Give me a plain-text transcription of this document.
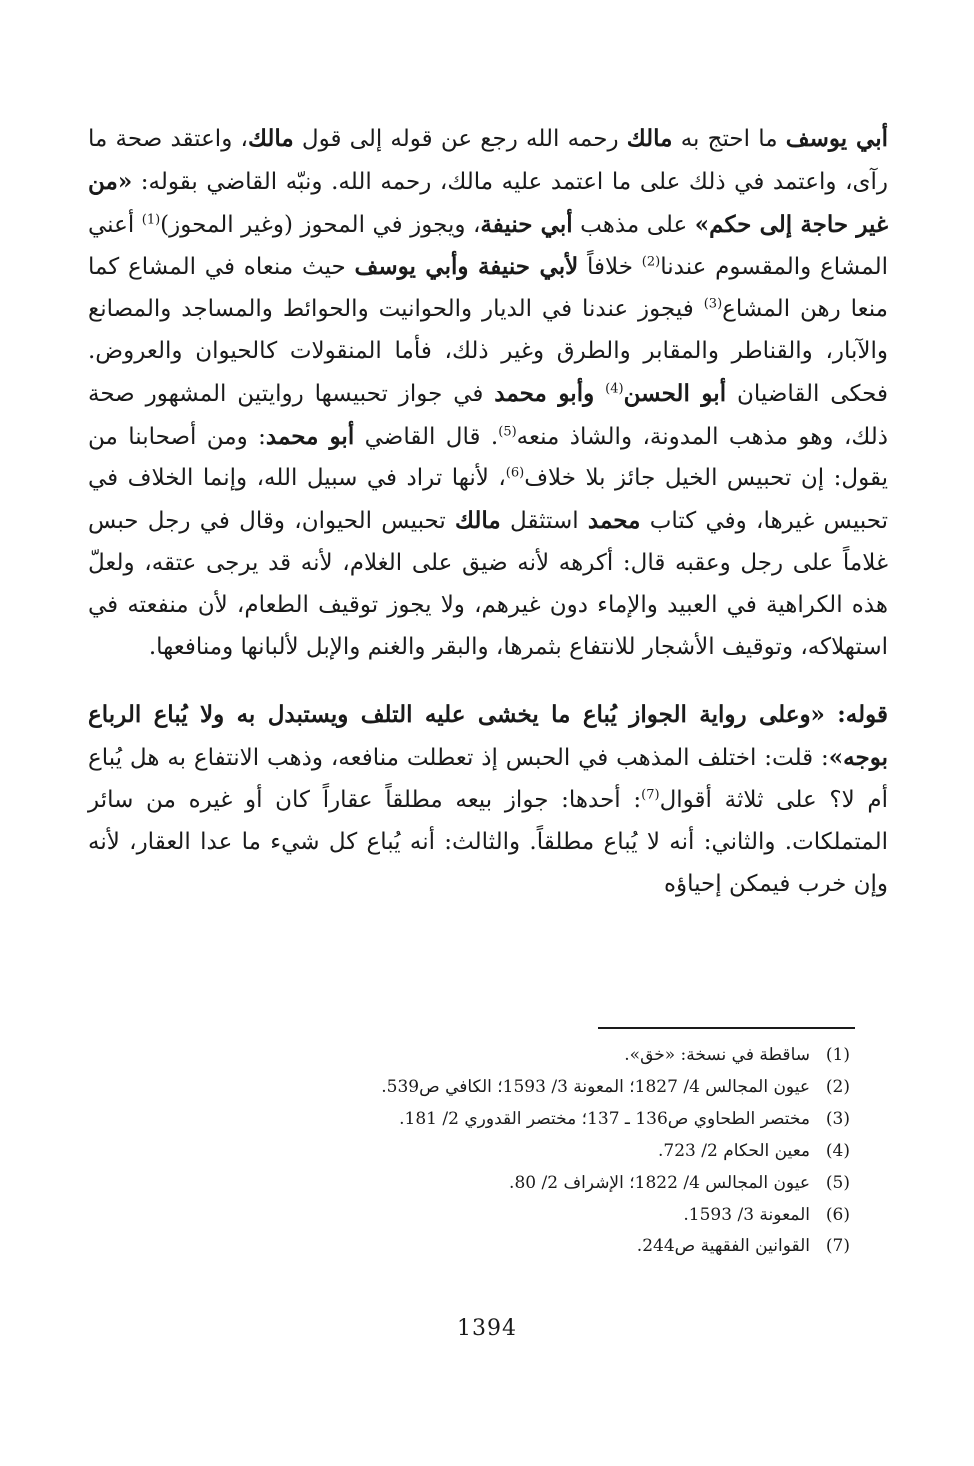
أبي يوسف ما احتج به مالك رحمه الله رجع عن قوله إلى قول مالك، واعتقد صحة ما رآى، واعتمد في ذلك على ما اعتمد عليه مالك، رحمه الله. ونبّه القاضي بقوله: «من غير حاجة إلى حكم» على مذهب أبي حنيفة، ويجوز في المحوز (وغير المحوز)$^{(1)}$ أعني المشاع والمقسوم عندنا$^{(2)}$ خلافاً لأبي حنيفة وأبي يوسف حيث منعاه في المشاع كما منعا رهن المشاع$^{(3)}$ فيجوز عندنا في الديار والحوانيت والحوائط والمساجد والمصانع والآبار، والقناطر والمقابر والطرق وغير ذلك، فأما المنقولات كالحيوان والعروض. فحكى القاضيان أبو الحسن$^{(4)}$ وأبو محمد في جواز تحبيسها روايتين المشهور صحة ذلك، وهو مذهب المدونة، والشاذ منعه$^{(5)}$. قال القاضي أبو محمد: ومن أصحابنا من يقول: إن تحبيس الخيل جائز بلا خلاف$^{(6)}$، لأنها تراد في سبيل الله، وإنما الخلاف في تحبيس غيرها، وفي كتاب محمد استثقل مالك تحبيس الحيوان، وقال في رجل حبس غلاماً على رجل وعقبه قال: أكرهه لأنه ضيق على الغلام، لأنه قد يرجى عتقه، ولعلّ هذه الكراهية في العبيد والإماء دون غيرهم، ولا يجوز توقيف الطعام، لأن منفعته في استهلاكه، وتوقيف الأشجار للانتفاع بثمرها، والبقر والغنم والإبل لألبانها ومنافعها.

قوله: «وعلى رواية الجواز يُباع ما يخشى عليه التلف ويستبدل به ولا يُباع الرباع بوجه»: قلت: اختلف المذهب في الحبس إذ تعطلت منافعه، وذهب الانتفاع به هل يُباع أم لا؟ على ثلاثة أقوال$^{(7)}$: أحدها: جواز بيعه مطلقاً عقاراً كان أو غيره من سائر المتملكات. والثاني: أنه لا يُباع مطلقاً. والثالث: أنه يُباع كل شيء ما عدا العقار، لأنه وإن خرب فيمكن إحياؤه

(1)ساقطة في نسخة: «خق».
(2)عيون المجالس 4/ 1827؛ المعونة 3/ 1593؛ الكافي ص539.
(3)مختصر الطحاوي ص136 ـ 137؛ مختصر القدوري 2/ 181.
(4)معين الحكام 2/ 723.
(5)عيون المجالس 4/ 1822؛ الإشراف 2/ 80.
(6)المعونة 3/ 1593.
(7)القوانين الفقهية ص244.
1394
